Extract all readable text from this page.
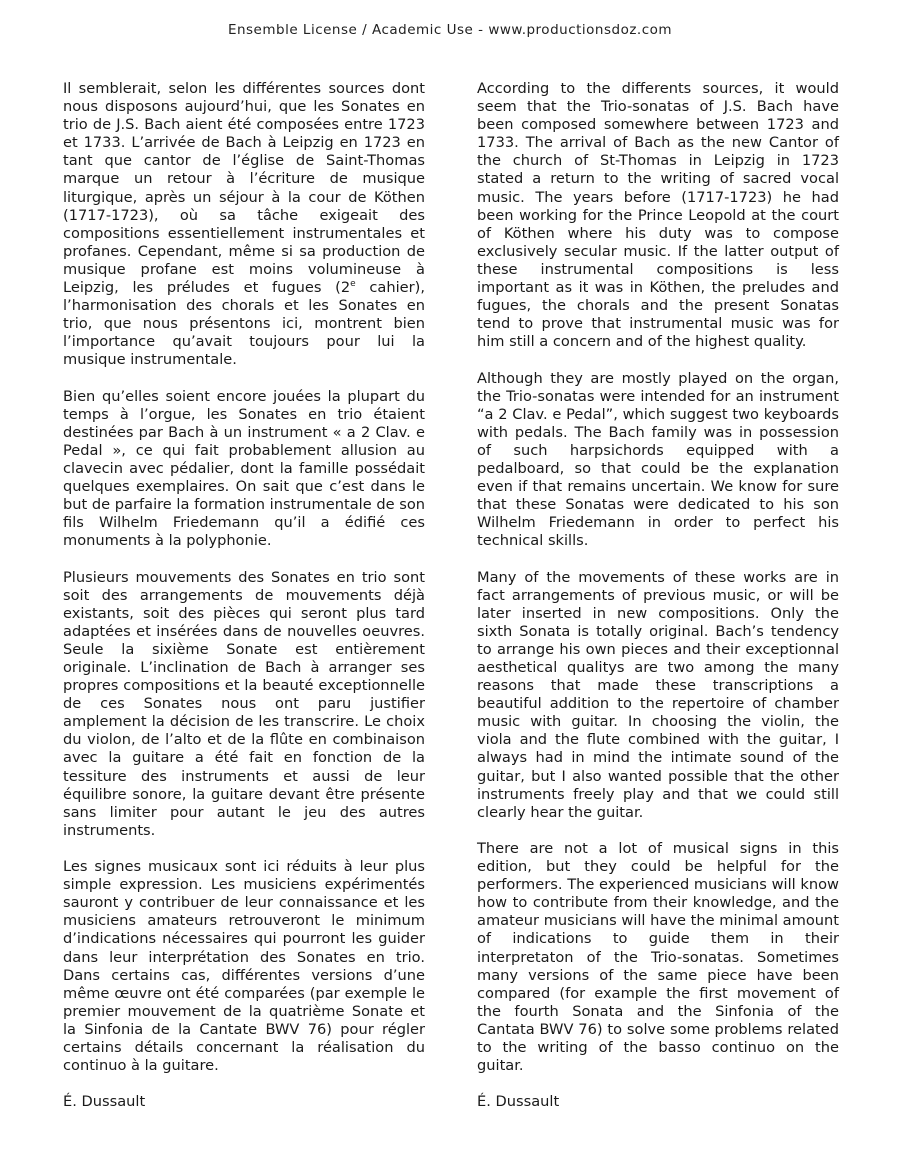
Ensemble License / Academic Use - www.productionsdoz.com

Il semblerait, selon les différentes sources dont nous disposons aujourd’hui, que les Sonates en trio de J.S. Bach aient été composées entre 1723 et 1733. L’arrivée de Bach à Leipzig en 1723 en tant que cantor de l’église de Saint-Thomas marque un retour à l’écriture de musique liturgique, après un séjour à la cour de Köthen (1717-1723), où sa tâche exigeait des compositions essentiellement instrumentales et profanes. Cependant, même si sa production de musique profane est moins volumineuse à Leipzig, les préludes et fugues (2e cahier), l’harmonisation des chorals et les Sonates en trio, que nous présentons ici, montrent bien l’importance qu’avait toujours pour lui la musique instrumentale.

Bien qu’elles soient encore jouées la plupart du temps à l’orgue, les Sonates en trio étaient destinées par Bach à un instrument « a 2 Clav. e Pedal », ce qui fait probablement allusion au clavecin avec pédalier, dont la famille possédait quelques exemplaires. On sait que c’est dans le but de parfaire la formation instrumentale de son fils Wilhelm Friedemann qu’il a édifié ces monuments à la polyphonie.

Plusieurs mouvements des Sonates en trio sont soit des arrangements de mouvements déjà existants, soit des pièces qui seront plus tard adaptées et insérées dans de nouvelles oeuvres. Seule la sixième Sonate est entièrement originale. L’inclination de Bach à arranger ses propres compositions et la beauté exceptionnelle de ces Sonates nous ont paru justifier amplement la décision de les transcrire. Le choix du violon, de l’alto et de la flûte en combinaison avec la guitare a été fait en fonction de la tessiture des instruments et aussi de leur équilibre sonore, la guitare devant être présente sans limiter pour autant le jeu des autres instruments.

Les signes musicaux sont ici réduits à leur plus simple expression. Les musiciens expérimentés sauront y contribuer de leur connaissance et les musiciens amateurs retrouveront le minimum d’indications nécessaires qui pourront les guider dans leur interprétation des Sonates en trio. Dans certains cas, différentes versions d’une même œuvre ont été comparées (par exemple le premier mouvement de la quatrième Sonate et la Sinfonia de la Cantate BWV 76) pour régler certains détails concernant la réalisation du continuo à la guitare.

É. Dussault

According to the differents sources, it would seem that the Trio-sonatas of J.S. Bach have been composed somewhere between 1723 and 1733. The arrival of Bach as the new Cantor of the church of St-Thomas in Leipzig in 1723 stated a return to the writing of sacred vocal music. The years before (1717-1723) he had been working for the Prince Leopold at the court of Köthen where his duty was to compose exclusively secular music. If the latter output of these instrumental compositions is less important as it was in Köthen, the preludes and fugues, the chorals and the present Sonatas tend to prove that instrumental music was for him still a concern and of the highest quality.

Although they are mostly played on the organ, the Trio-sonatas were intended for an instrument “a 2 Clav. e Pedal”, which suggest two keyboards with pedals. The Bach family was in possession of such harpsichords equipped with a pedalboard, so that could be the explanation even if that remains uncertain. We know for sure that these Sonatas were dedicated to his son Wilhelm Friedemann in order to perfect his technical skills.

Many of the movements of these works are in fact arrangements of previous music, or will be later inserted in new compositions. Only the sixth Sonata is totally original. Bach’s tendency to arrange his own pieces and their exceptionnal aesthetical qualitys are two among the many reasons that made these transcriptions a beautiful addition to the repertoire of chamber music with guitar. In choosing the violin, the viola and the flute combined with the guitar, I always had in mind the intimate sound of the guitar, but I also wanted possible that the other instruments freely play and that we could still clearly hear the guitar.

There are not a lot of musical signs in this edition, but they could be helpful for the performers. The experienced musicians will know how to contribute from their knowledge, and the amateur musicians will have the minimal amount of indications to guide them in their interpretaton of the Trio-sonatas. Sometimes many versions of the same piece have been compared (for example the first movement of the fourth Sonata and the Sinfonia of the Cantata BWV 76) to solve some problems related to the writing of the basso continuo on the guitar.

É. Dussault
